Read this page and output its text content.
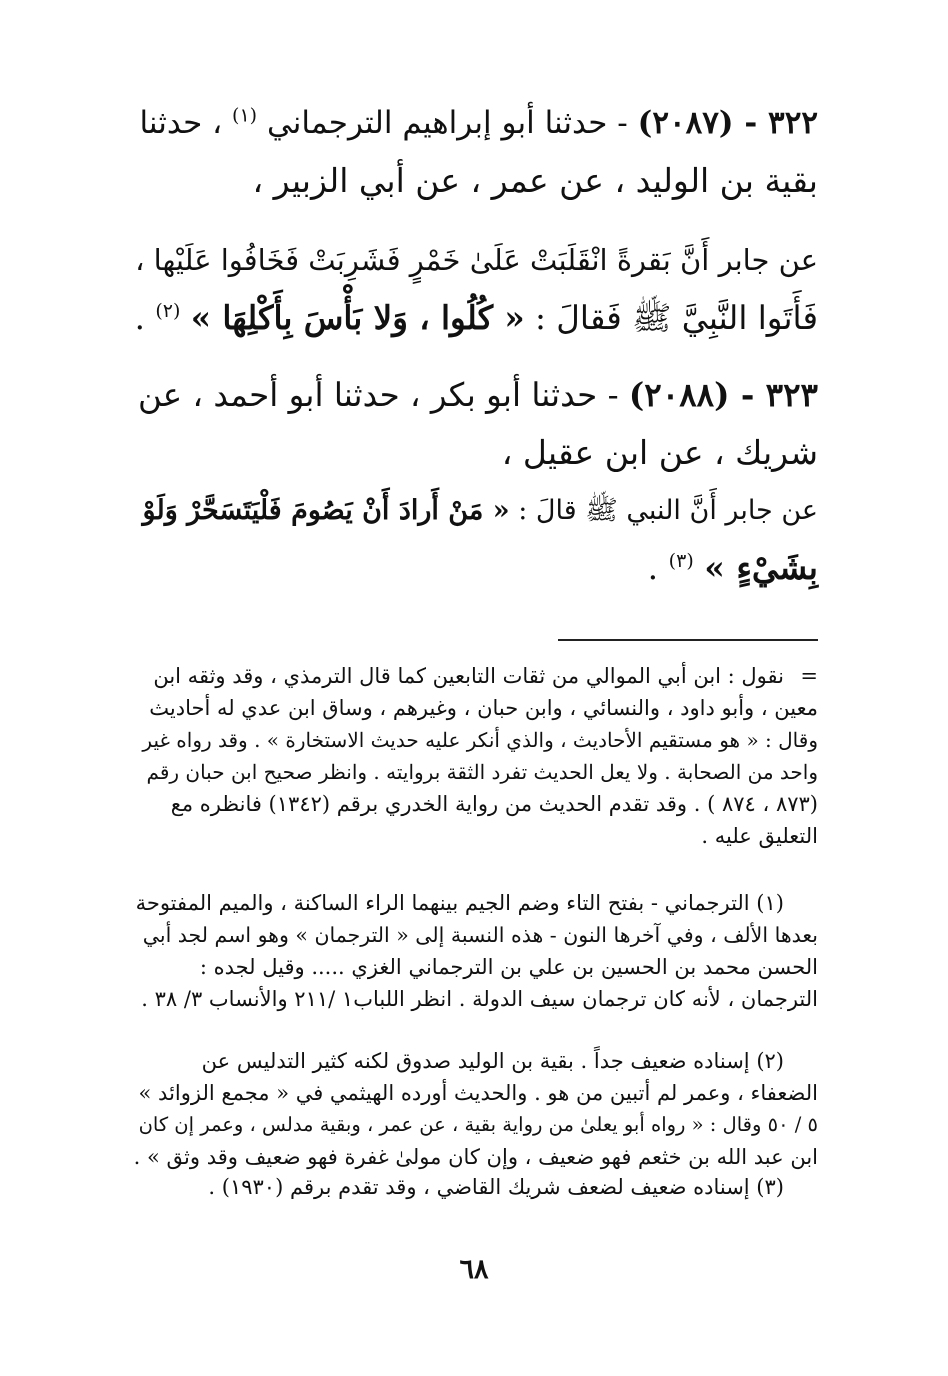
٣٢٢ - (٢٠٨٧) - حدثنا أبو إبراهيم الترجماني $^{(١)}$ ، حدثنا
بقية بن الوليد ، عن عمر ، عن أبي الزبير ،
عن جابر أَنَّ بَقرةً انْقَلَبَتْ عَلَىٰ خَمْرٍ فَشَرِبَتْ فَخَافُوا عَلَيْها ،
فَأَتَوا النَّبِيَّ ﷺ فَقالَ : « كُلُوا ، وَلا بَأْسَ بِأَكْلِهَا » $^{(٢)}$ .
٣٢٣ - (٢٠٨٨) - حدثنا أبو بكر ، حدثنا أبو أحمد ، عن
شريك ، عن ابن عقيل ،
عن جابر أَنَّ النبي ﷺ قالَ : « مَنْ أَرادَ أَنْ يَصُومَ فَلْيَتَسَحَّرْ وَلَوْ
بِشَيْءٍ » $^{(٣)}$ .
=نقول : ابن أبي الموالي من ثقات التابعين كما قال الترمذي ، وقد وثقه ابن
معين ، وأبو داود ، والنسائي ، وابن حبان ، وغيرهم ، وساق ابن عدي له أحاديث
وقال : « هو مستقيم الأحاديث ، والذي أنكر عليه حديث الاستخارة » . وقد رواه غير
واحد من الصحابة . ولا يعل الحديث تفرد الثقة بروايته . وانظر صحيح ابن حبان رقم
(٨٧٣ ، ٨٧٤ ) . وقد تقدم الحديث من رواية الخدري برقم (١٣٤٢) فانظره مع
التعليق عليه .
(١) الترجماني - بفتح التاء وضم الجيم بينهما الراء الساكنة ، والميم المفتوحة
بعدها الألف ، وفي آخرها النون - هذه النسبة إلى « الترجمان » وهو اسم لجد أبي
الحسن محمد بن الحسين بن علي بن الترجماني الغزي ..... وقيل لجده :
الترجمان ، لأنه كان ترجمان سيف الدولة . انظر اللباب١ /٢١١ والأنساب ٣/ ٣٨ .
(٢) إسناده ضعيف جداً . بقية بن الوليد صدوق لكنه كثير التدليس عن
الضعفاء ، وعمر لم أتبين من هو . والحديث أورده الهيثمي في « مجمع الزوائد »
٥ / ٥٠ وقال : « رواه أبو يعلىٰ من رواية بقية ، عن عمر ، وبقية مدلس ، وعمر إن كان
ابن عبد الله بن خثعم فهو ضعيف ، وإن كان مولىٰ غفرة فهو ضعيف وقد وثق » .
(٣) إسناده ضعيف لضعف شريك القاضي ، وقد تقدم برقم (١٩٣٠) .
٦٨
